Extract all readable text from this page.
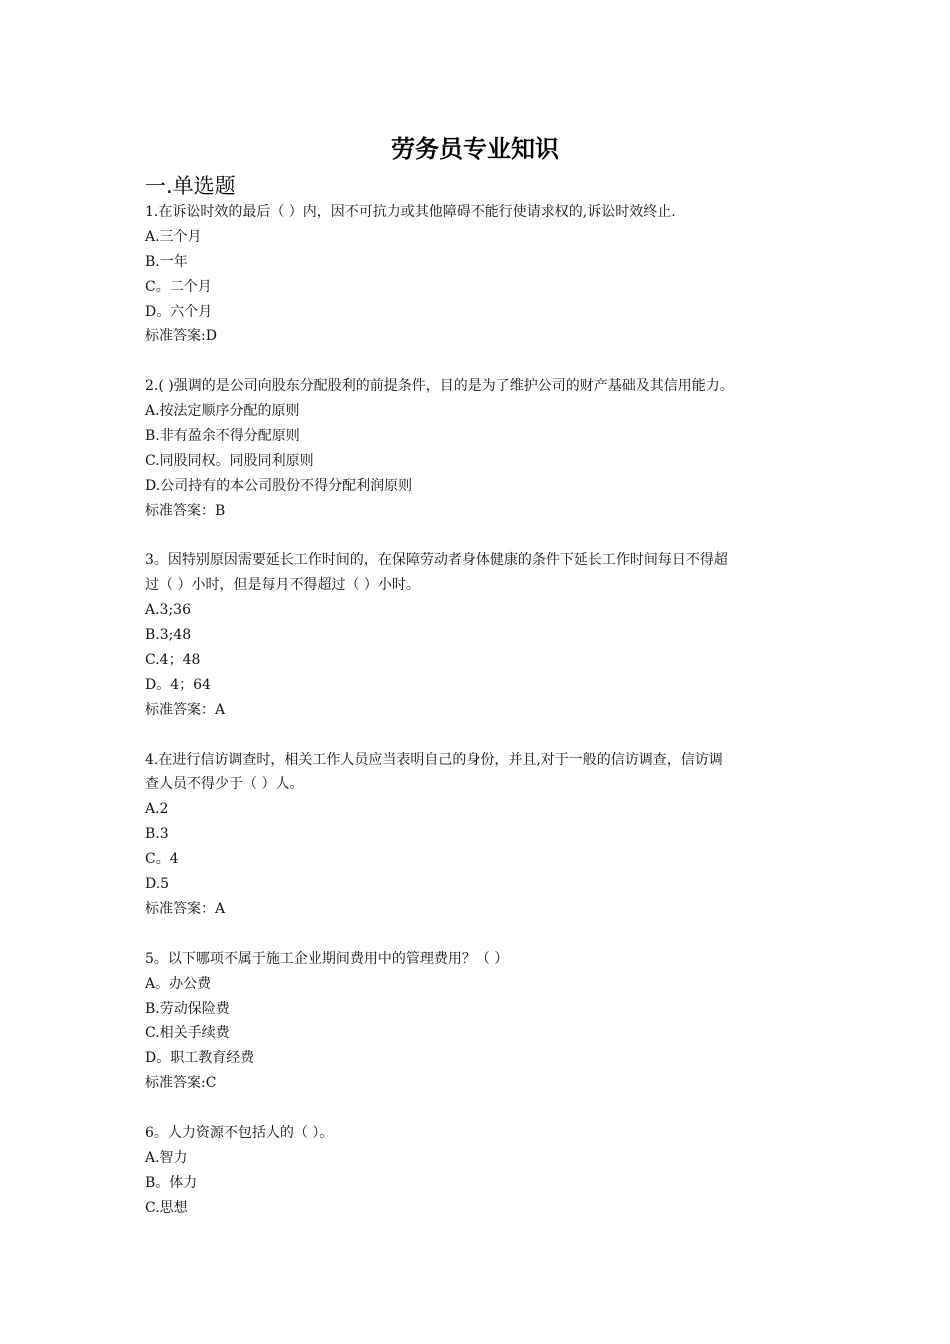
劳务员专业知识
一.单选题
1.在诉讼时效的最后（ ）内，因不可抗力或其他障碍不能行使请求权的,诉讼时效终止.
A.三个月
B.一年
C。二个月
D。六个月
标准答案:D
2.( )强调的是公司向股东分配股利的前提条件，目的是为了维护公司的财产基础及其信用能力。
A.按法定顺序分配的原则
B.非有盈余不得分配原则
C.同股同权。同股同利原则
D.公司持有的本公司股份不得分配利润原则
标准答案：B
3。因特别原因需要延长工作时间的，在保障劳动者身体健康的条件下延长工作时间每日不得超
过（ ）小时，但是每月不得超过（ ）小时。
A.3;36
B.3;48
C.4；48
D。4；64
标准答案：A
4.在进行信访调查时，相关工作人员应当表明自己的身份，并且,对于一般的信访调查，信访调
查人员不得少于（ ）人。
A.2
B.3
C。4
D.5
标准答案：A
5。以下哪项不属于施工企业期间费用中的管理费用？（ ）
A。办公费
B.劳动保险费
C.相关手续费
D。职工教育经费
标准答案:C
6。人力资源不包括人的（ ）。
A.智力
B。体力
C.思想
